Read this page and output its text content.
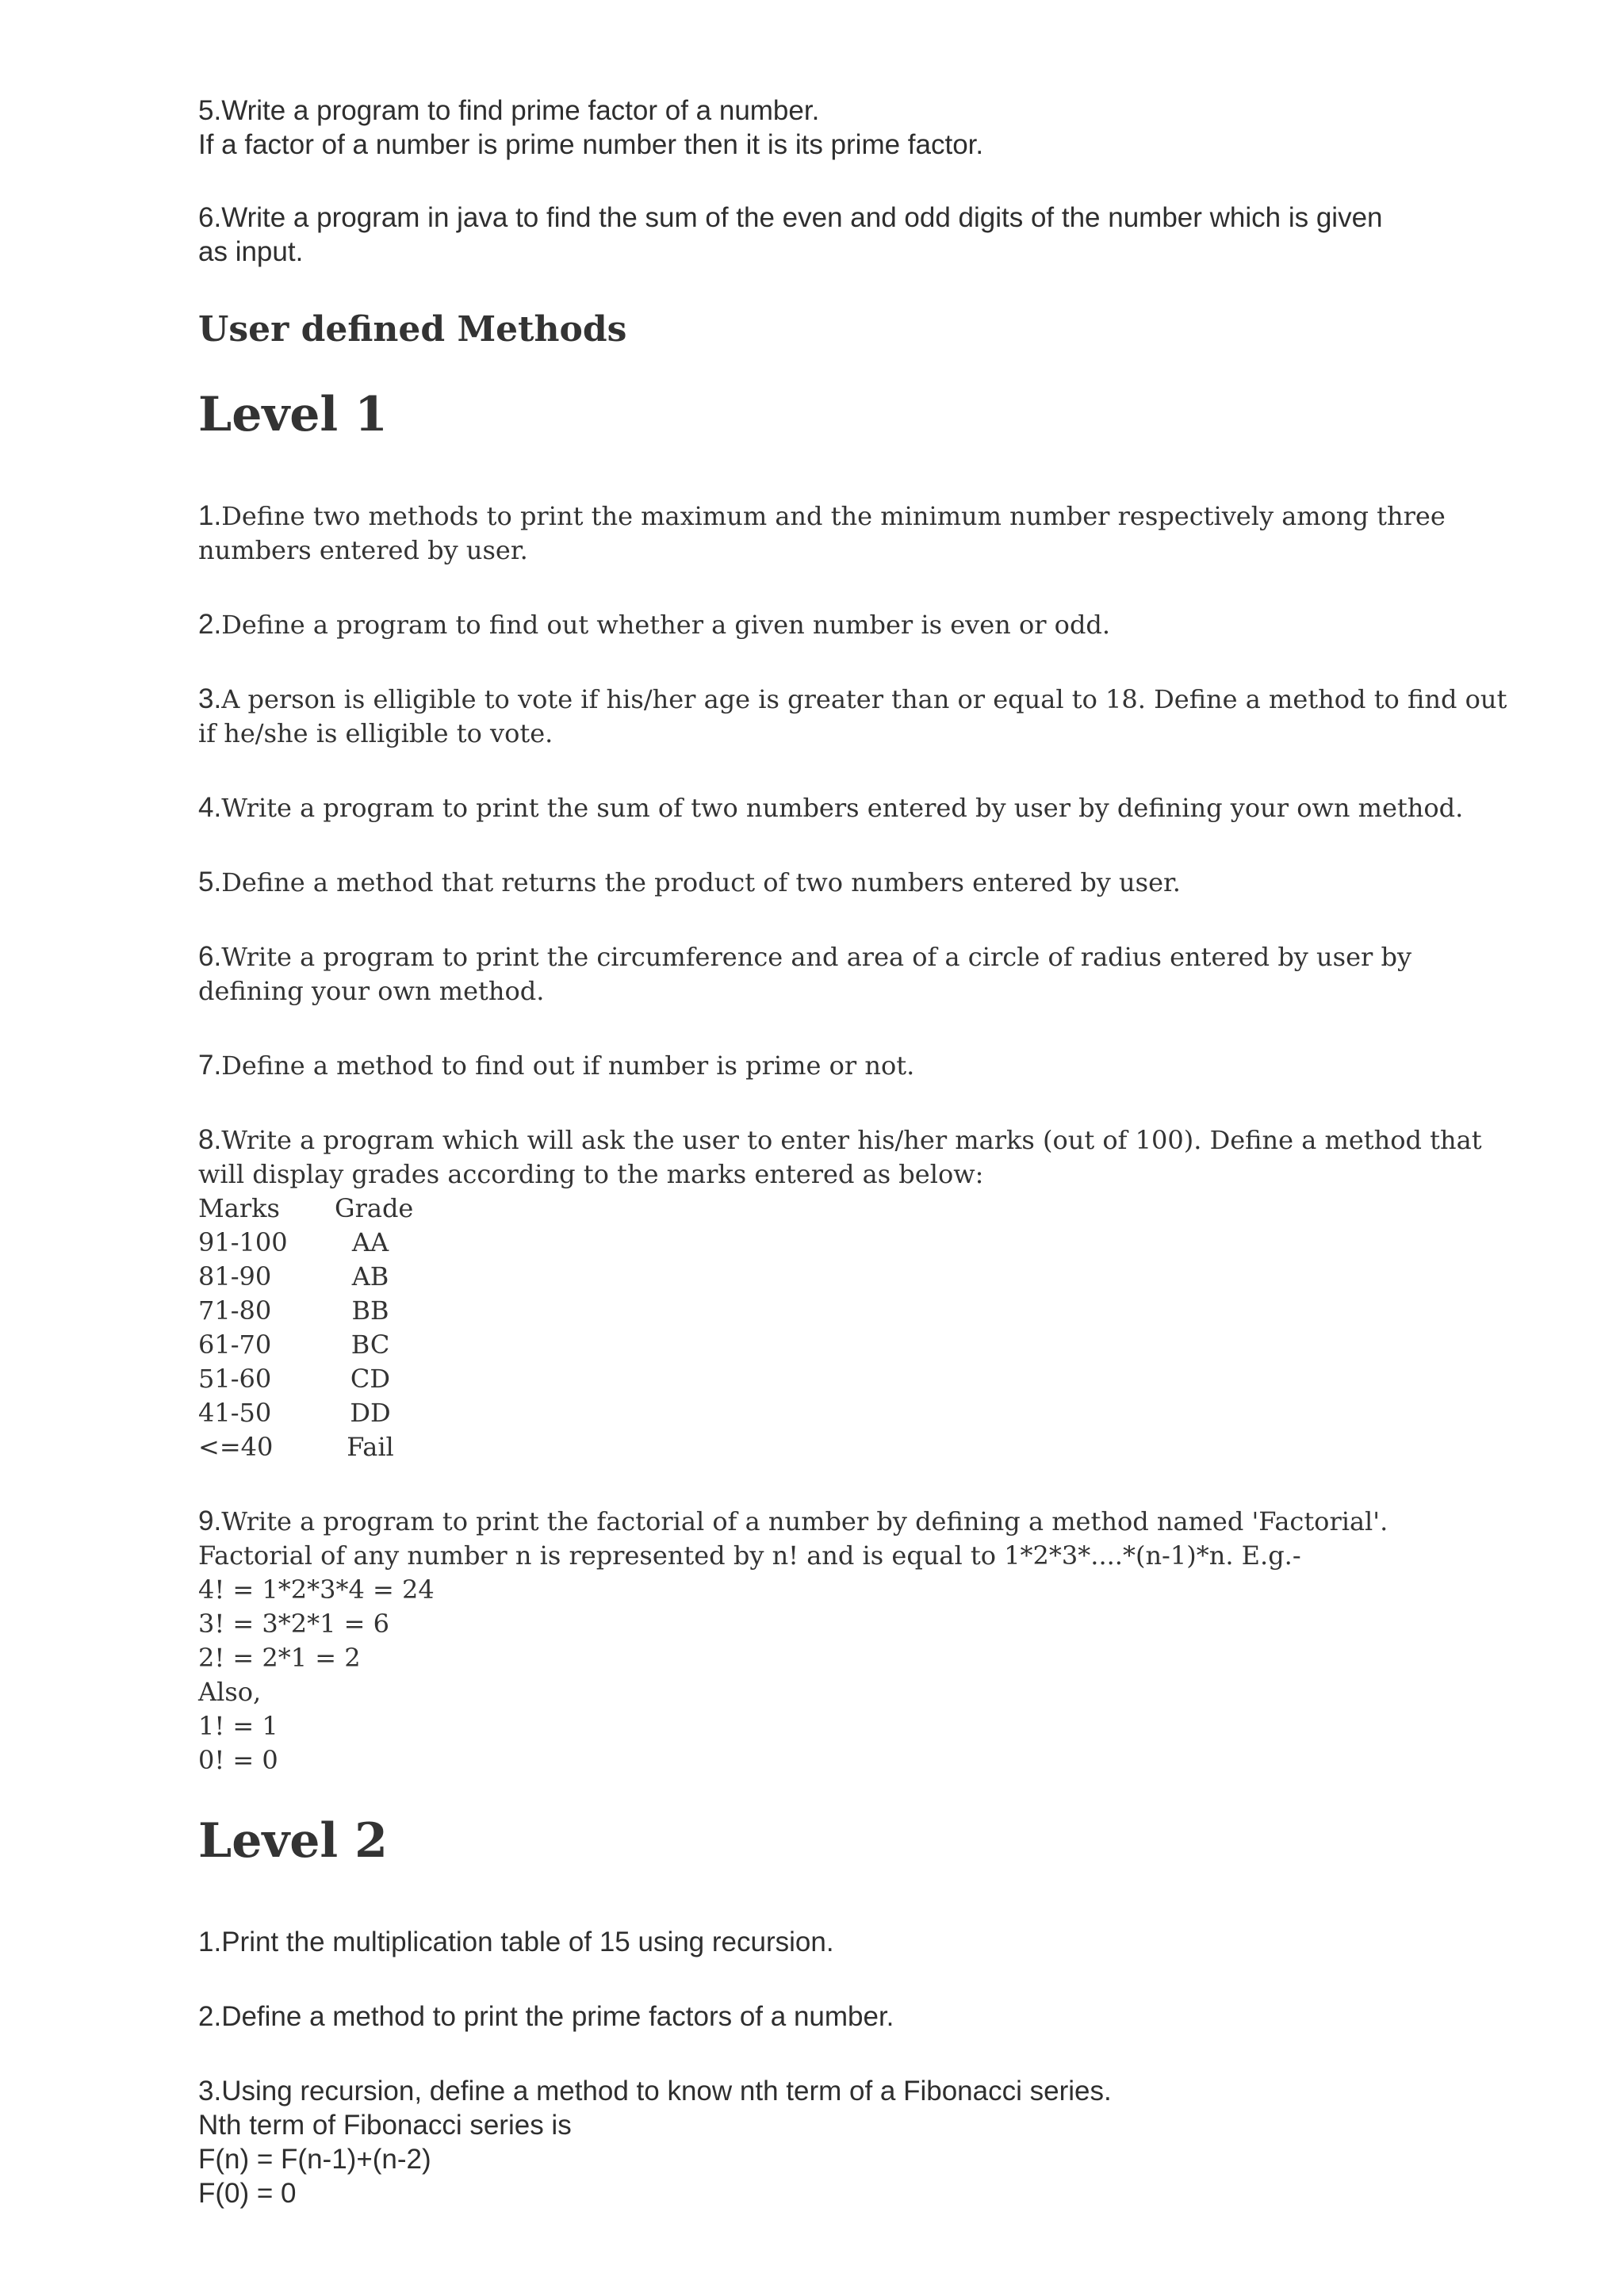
5.Write a program to find prime factor of a number.
If a factor of a number is prime number then it is its prime factor.
6.Write a program in java to find the sum of the even and odd digits of the number which is given
as input.
User defined Methods
Level 1
1.Define two methods to print the maximum and the minimum number respectively among three
numbers entered by user.
2.Define a program to find out whether a given number is even or odd.
3.A person is elligible to vote if his/her age is greater than or equal to 18. Define a method to find out
if he/she is elligible to vote.
4.Write a program to print the sum of two numbers entered by user by defining your own method.
5.Define a method that returns the product of two numbers entered by user.
6.Write a program to print the circumference and area of a circle of radius entered by user by
defining your own method.
7.Define a method to find out if number is prime or not.
8.Write a program which will ask the user to enter his/her marks (out of 100). Define a method that
will display grades according to the marks entered as below:
Marks	Grade
91-100	AA
81-90	AB
71-80	BB
61-70	BC
51-60	CD
41-50	DD
<=40	Fail
9.Write a program to print the factorial of a number by defining a method named 'Factorial'.
Factorial of any number n is represented by n! and is equal to 1*2*3*....*(n-1)*n. E.g.-
4! = 1*2*3*4 = 24
3! = 3*2*1 = 6
2! = 2*1 = 2
Also,
1! = 1
0! = 0
Level 2
1.Print the multiplication table of 15 using recursion.
2.Define a method to print the prime factors of a number.
3.Using recursion, define a method to know nth term of a Fibonacci series.
Nth term of Fibonacci series is
F(n) = F(n-1)+(n-2)
F(0) = 0
